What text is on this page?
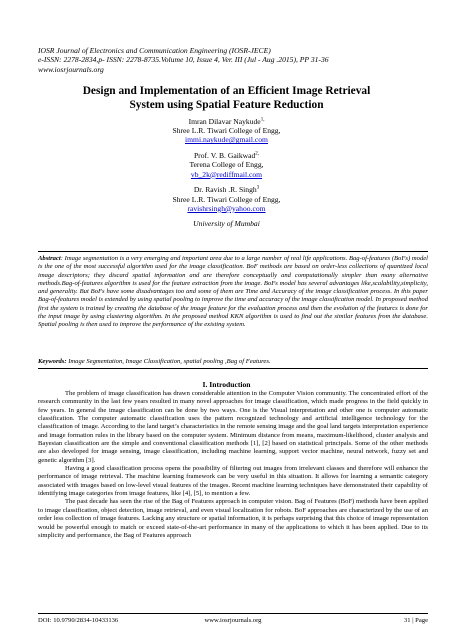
IOSR Journal of Electronics and Communication Engineering (IOSR-JECE)
e-ISSN: 2278-2834,p- ISSN: 2278-8735.Volume 10, Issue 4, Ver. III (Jul - Aug .2015), PP 31-36
www.iosrjournals.org
Design and Implementation of an Efficient Image Retrieval
System using Spatial Feature Reduction
Imran Dilavar Naykude$^{1,}$
Shree L.R. Tiwari College of Engg,
immi.naykude@gmail.com
Prof. V. B. Gaikwad$^{2,}$
Terena College of Engg,
vb_2k@rediffmail.com
Dr. Ravish .R. Singh$^3$
Shree L.R. Tiwari College of Engg,
ravishrsingh@yahoo.com
University of Mumbai
Abstract: Image segmentation is a very emerging and important area due to a large number of real life applications. Bag-of-features (BoFs) model is the one of the most successful algorithm used for the image classification. BoF methods are based on order-less collections of quantized local image descriptors; they discard spatial information and are therefore conceptually and computationally simpler than many alternative methods.Bag-of-features algorithm is used for the feature extraction from the image. BoFs model has several advantages like,scalability,simplicity, and generality. But BoFs have some disadvantages too and some of them are Time and Accuracy of the image classification process. In this paper Bag-of-features model is extended by using spatial pooling to improve the time and accuracy of the image classification model. In proposed method first the system is trained by creating the database of the image feature for the evaluation process and then the evolution of the featurcs is done for the input image by using clustering algorithm. In the proposed method KKN algorithm is used to find out the similar features from the database. Spatial pooling is then used to improve the performance of the existing system.
Keywords: Image Segmentation, Image Classification, spatial pooling ,Bag of Features.
I. Introduction

The problem of image classification has drawn considerable attention in the Computer Vision community. The concentrated effort of the research community in the last few years resulted in many novel approaches for image classification, which made progress in the field quickly in few years. In general the image classification can be done by two ways. One is the Visual interpretation and other one is computer automatic classification. The computer automatic classification uses the pattern recognized technology and artificial intelligence technology for the classification of image. According to the land target’s characteristics in the remote sensing image and the goal land targets interpretation experience and image formation rules in the library based on the computer system. Minimum distance from means, maximum-likelihood, cluster analysis and Bayesian classification are the simple and conventional classification methods [1], [2] based on statistical principals. Some of the other methods are also developed for image sensing, image classification, including machine learning, support vector machine, neural network, fuzzy set and genetic algorithm [3].

Having a good classification process opens the possibility of filtering out images from irrelevant classes and therefore will enhance the performance of image retrieval. The machine learning framework can be very useful in this situation. It allows for learning a semantic category associated with images based on low-level visual features of the images. Recent machine learning techniques have demonstrated their capability of identifying image categories from image features, like [4], [5], to mention a few.

The past decade has seen the rise of the Bag of Features approach in computer vision. Bag of Features (BoF) methods have been applied to image classification, object detection, image retrieval, and even visual localization for robots. BoF approaches are characterized by the use of an order less collection of image features. Lacking any structure or spatial information, it is perhaps surprising that this choice of image representation would be powerful enough to match or exceed state-of-the-art performance in many of the applications to which it has been applied. Due to its simplicity and performance, the Bag of Features approach

DOI: 10.9790/2834-10433136	www.iosrjournals.org	31 | Page
